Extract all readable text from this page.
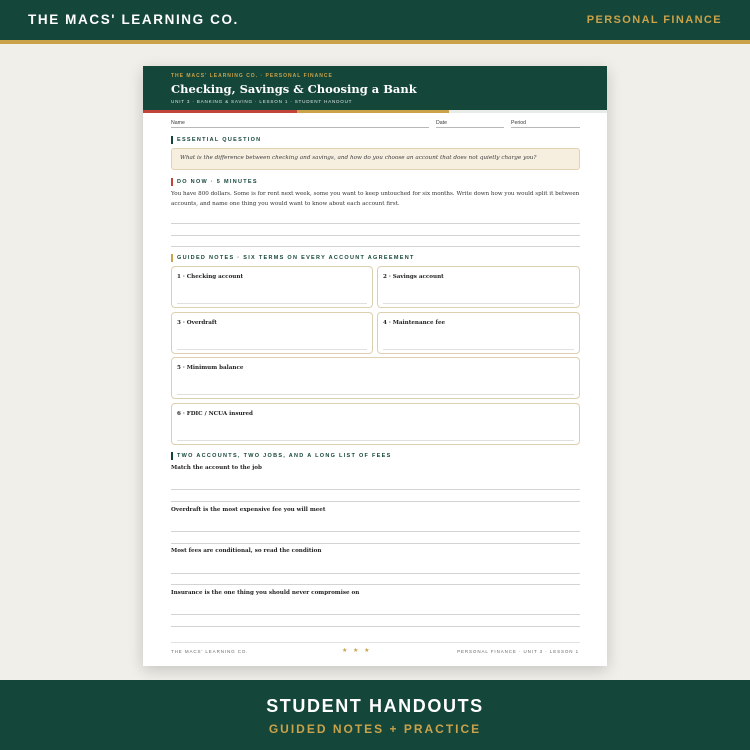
THE MACS' LEARNING CO.	PERSONAL FINANCE
THE MACS' LEARNING CO. · PERSONAL FINANCE
Checking, Savings & Choosing a Bank
UNIT 3 · BANKING & SAVING · LESSON 1 · STUDENT HANDOUT
Name	Date	Period
ESSENTIAL QUESTION
What is the difference between checking and savings, and how do you choose an account that does not quietly charge you?
DO NOW · 5 MINUTES
You have 800 dollars. Some is for rent next week, some you want to keep untouched for six months. Write down how you would split it between accounts, and name one thing you would want to know about each account first.
GUIDED NOTES · SIX TERMS ON EVERY ACCOUNT AGREEMENT
1 · Checking account	2 · Savings account
3 · Overdraft	4 · Maintenance fee
5 · Minimum balance
6 · FDIC / NCUA insured
TWO ACCOUNTS, TWO JOBS, AND A LONG LIST OF FEES
Match the account to the job
Overdraft is the most expensive fee you will meet
Most fees are conditional, so read the condition
Insurance is the one thing you should never compromise on
THE MACS' LEARNING CO.	★ ★ ★	PERSONAL FINANCE · UNIT 3 · LESSON 1
STUDENT HANDOUTS
GUIDED NOTES + PRACTICE
